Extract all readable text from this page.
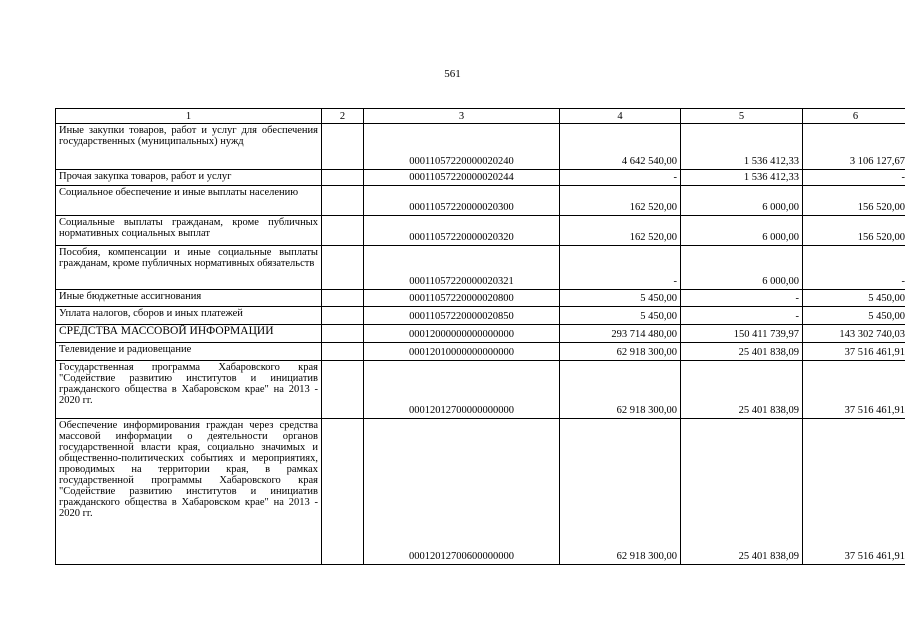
561
1	2	3	4	5	6
Иные закупки товаров, работ и услуг для обеспечения государственных (муниципальных) нужд		00011057220000020240	4 642 540,00	1 536 412,33	3 106 127,67
Прочая закупка товаров, работ и услуг		00011057220000020244	-	1 536 412,33	-
Социальное обеспечение и иные выплаты населению		00011057220000020300	162 520,00	6 000,00	156 520,00
Социальные выплаты гражданам, кроме публичных нормативных социальных выплат		00011057220000020320	162 520,00	6 000,00	156 520,00
Пособия, компенсации и иные социальные выплаты гражданам, кроме публичных нормативных обязательств		00011057220000020321	-	6 000,00	-
Иные бюджетные ассигнования		00011057220000020800	5 450,00	-	5 450,00
Уплата налогов, сборов и иных платежей		00011057220000020850	5 450,00	-	5 450,00
СРЕДСТВА МАССОВОЙ ИНФОРМАЦИИ		00012000000000000000	293 714 480,00	150 411 739,97	143 302 740,03
Телевидение и радиовещание		00012010000000000000	62 918 300,00	25 401 838,09	37 516 461,91
Государственная программа Хабаровского края "Содействие развитию институтов и инициатив гражданского общества в Хабаровском крае" на 2013 - 2020 гг.		00012012700000000000	62 918 300,00	25 401 838,09	37 516 461,91
Обеспечение информирования граждан через средства массовой информации о деятельности органов государственной власти края, социально значимых и общественно-политических событиях и мероприятиях, проводимых на территории края, в рамках государственной программы Хабаровского края "Содействие развитию институтов и инициатив гражданского общества в Хабаровском крае" на 2013 - 2020 гг.		00012012700600000000	62 918 300,00	25 401 838,09	37 516 461,91
